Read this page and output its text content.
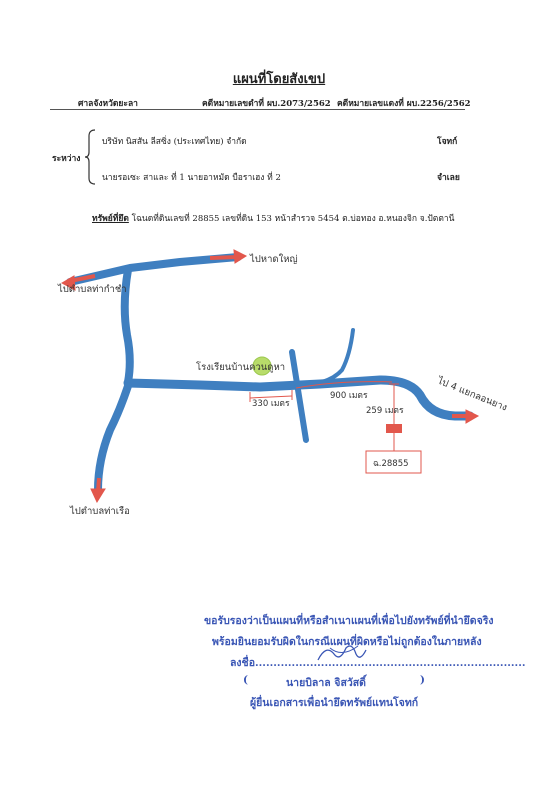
แผนที่โดยสังเขป
ศาลจังหวัดยะลา	คดีหมายเลขดำที่ ผบ.2073/2562 คดีหมายเลขแดงที่ ผบ.2256/2562
ระหว่าง
บริษัท นิสสัน ลีสซิ่ง (ประเทศไทย) จำกัด	โจทก์
นายรอเซะ สาและ ที่ 1 นายอาหมัด บือราเฮง ที่ 2	จำเลย
ทรัพย์ที่ยึด โฉนดที่ดินเลขที่ 28855 เลขที่ดิน 153 หน้าสำรวจ 5454 ต.บ่อทอง อ.หนองจิก จ.ปัตตานี
ไปหาดใหญ่
ไปตำบลท่ากำชำ
ไปตำบลท่าเรือ
ไป 4 แยกลอนยาง
โรงเรียนบ้านควนดูหา
330 เมตร
900 เมตร
259 เมตร
ฉ.28855
ขอรับรองว่าเป็นแผนที่หรือสำเนาแผนที่เพื่อไปยังทรัพย์ที่นำยึดจริง
พร้อมยินยอมรับผิดในกรณีแผนที่ผิดหรือไม่ถูกต้องในภายหลัง
ลงชื่อ..........................................................................
(	นายบิลาล จิสวัสดิ์	)
ผู้ยื่นเอกสารเพื่อนำยึดทรัพย์แทนโจทก์
